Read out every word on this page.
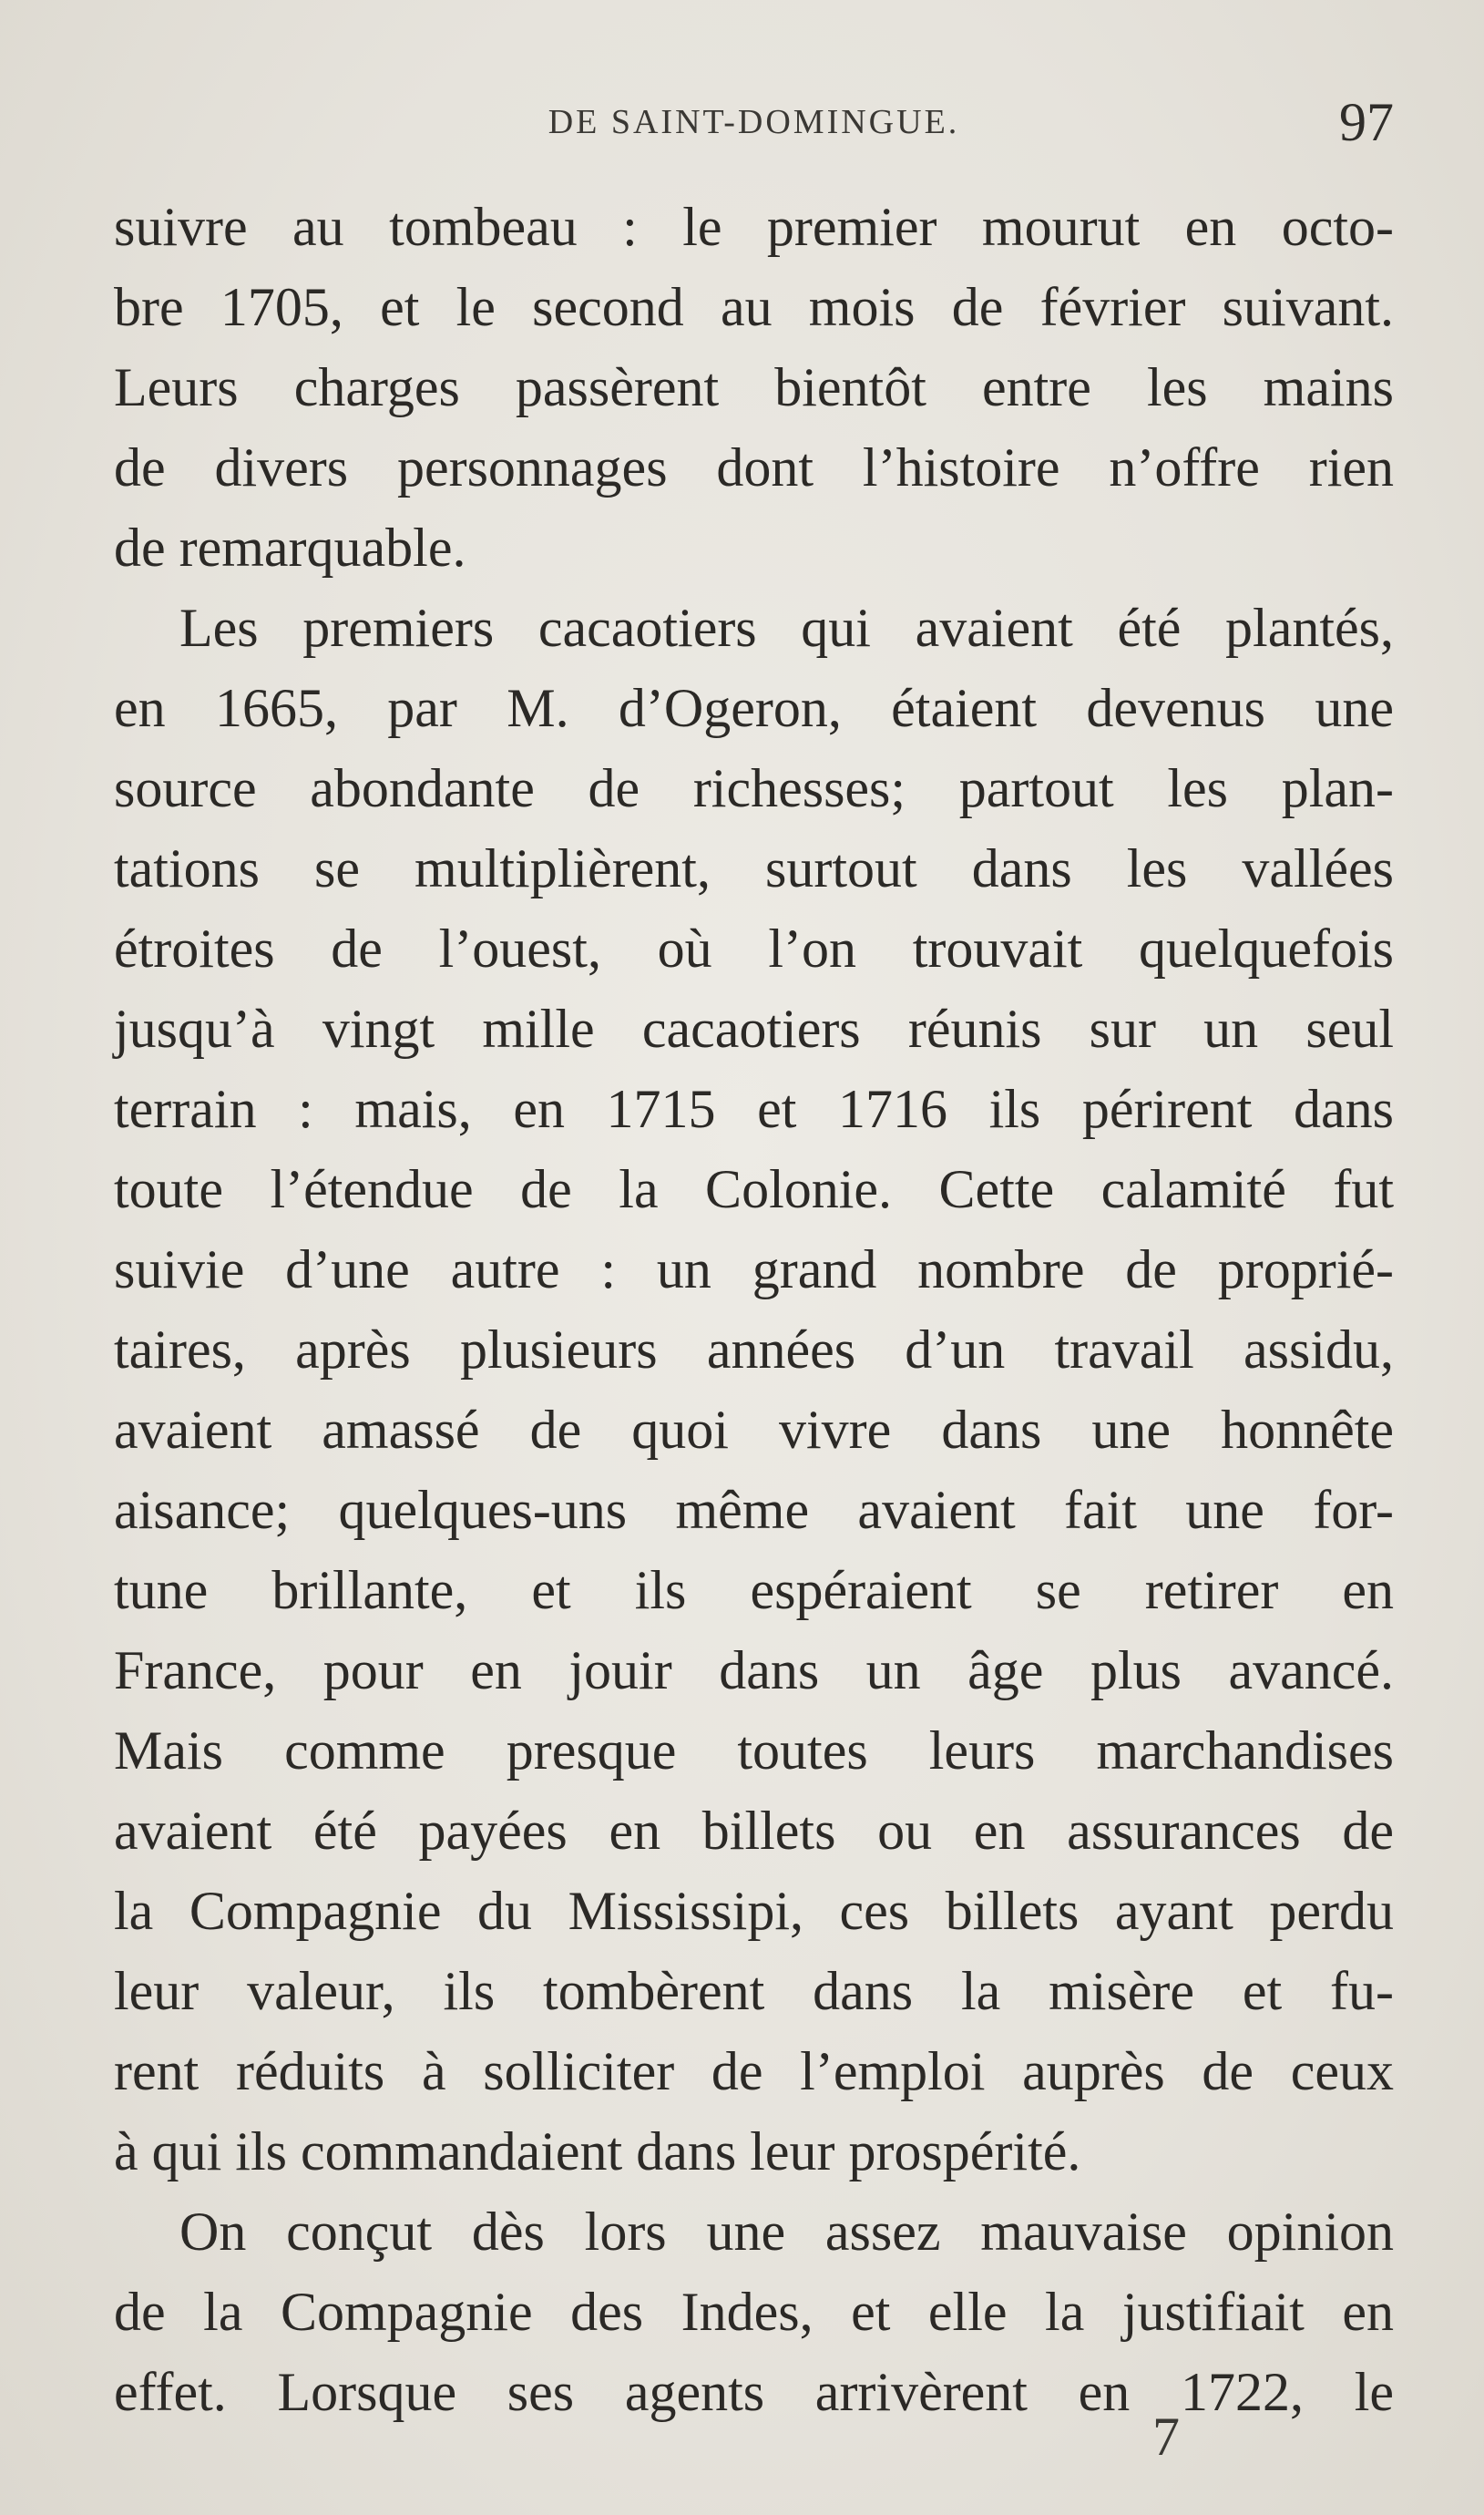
DE SAINT-DOMINGUE.	97
suivre au tombeau : le premier mourut en octo-
bre 1705, et le second au mois de février suivant.
Leurs charges passèrent bientôt entre les mains
de divers personnages dont l’histoire n’offre rien
de remarquable.
Les premiers cacaotiers qui avaient été plantés,
en 1665, par M. d’Ogeron, étaient devenus une
source abondante de richesses; partout les plan-
tations se multiplièrent, surtout dans les vallées
étroites de l’ouest, où l’on trouvait quelquefois
jusqu’à vingt mille cacaotiers réunis sur un seul
terrain : mais, en 1715 et 1716 ils périrent dans
toute l’étendue de la Colonie. Cette calamité fut
suivie d’une autre : un grand nombre de proprié-
taires, après plusieurs années d’un travail assidu,
avaient amassé de quoi vivre dans une honnête
aisance; quelques-uns même avaient fait une for-
tune brillante, et ils espéraient se retirer en
France, pour en jouir dans un âge plus avancé.
Mais comme presque toutes leurs marchandises
avaient été payées en billets ou en assurances de
la Compagnie du Mississipi, ces billets ayant perdu
leur valeur, ils tombèrent dans la misère et fu-
rent réduits à solliciter de l’emploi auprès de ceux
à qui ils commandaient dans leur prospérité.
On conçut dès lors une assez mauvaise opinion
de la Compagnie des Indes, et elle la justifiait en
effet. Lorsque ses agents arrivèrent en 1722, le
7
